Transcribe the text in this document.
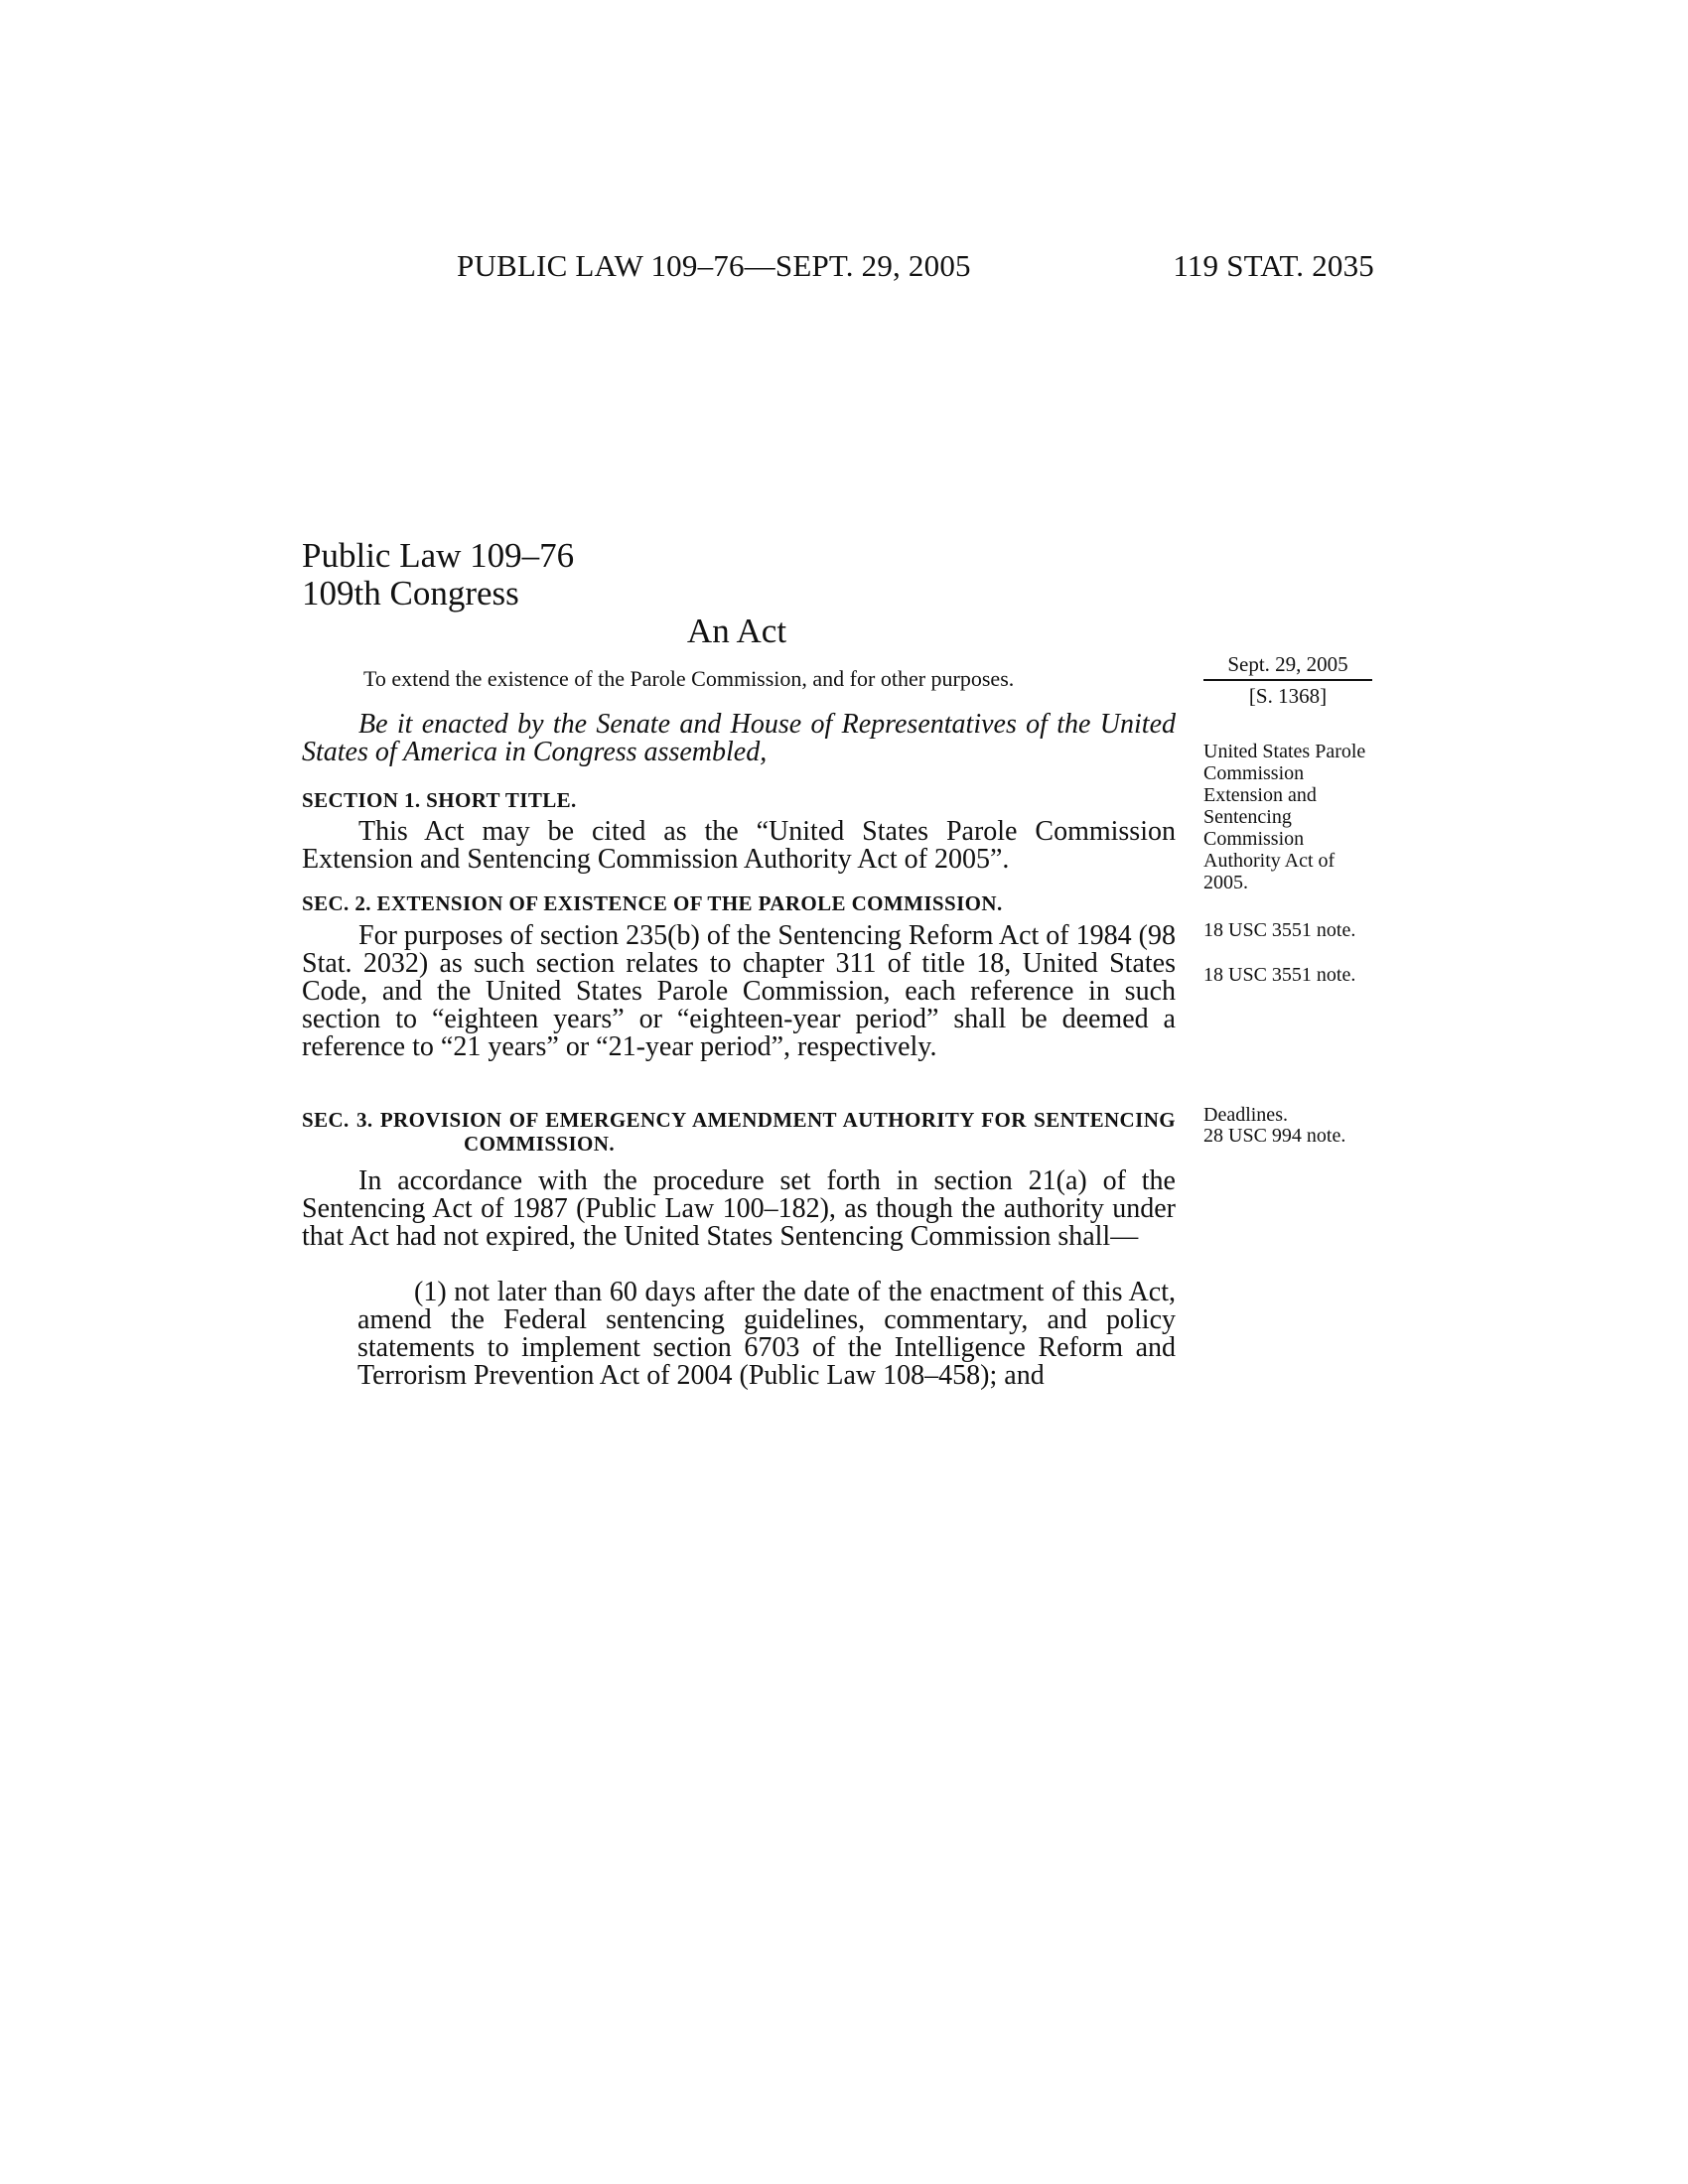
PUBLIC LAW 109–76—SEPT. 29, 2005	119 STAT. 2035
Public Law 109–76
109th Congress
An Act
To extend the existence of the Parole Commission, and for other purposes.
Sept. 29, 2005
[S. 1368]
Be it enacted by the Senate and House of Representatives of the United States of America in Congress assembled,
SECTION 1. SHORT TITLE.
This Act may be cited as the “United States Parole Commission Extension and Sentencing Commission Authority Act of 2005”.
SEC. 2. EXTENSION OF EXISTENCE OF THE PAROLE COMMISSION.
For purposes of section 235(b) of the Sentencing Reform Act of 1984 (98 Stat. 2032) as such section relates to chapter 311 of title 18, United States Code, and the United States Parole Commission, each reference in such section to “eighteen years” or “eighteen-year period” shall be deemed a reference to “21 years” or “21-year period”, respectively.
SEC. 3. PROVISION OF EMERGENCY AMENDMENT AUTHORITY FOR SENTENCING COMMISSION.
In accordance with the procedure set forth in section 21(a) of the Sentencing Act of 1987 (Public Law 100–182), as though the authority under that Act had not expired, the United States Sentencing Commission shall—
(1) not later than 60 days after the date of the enactment of this Act, amend the Federal sentencing guidelines, commentary, and policy statements to implement section 6703 of the Intelligence Reform and Terrorism Prevention Act of 2004 (Public Law 108–458); and
United States Parole Commission Extension and Sentencing Commission Authority Act of 2005.
18 USC 3551 note.
18 USC 3551 note.
Deadlines.
28 USC 994 note.
